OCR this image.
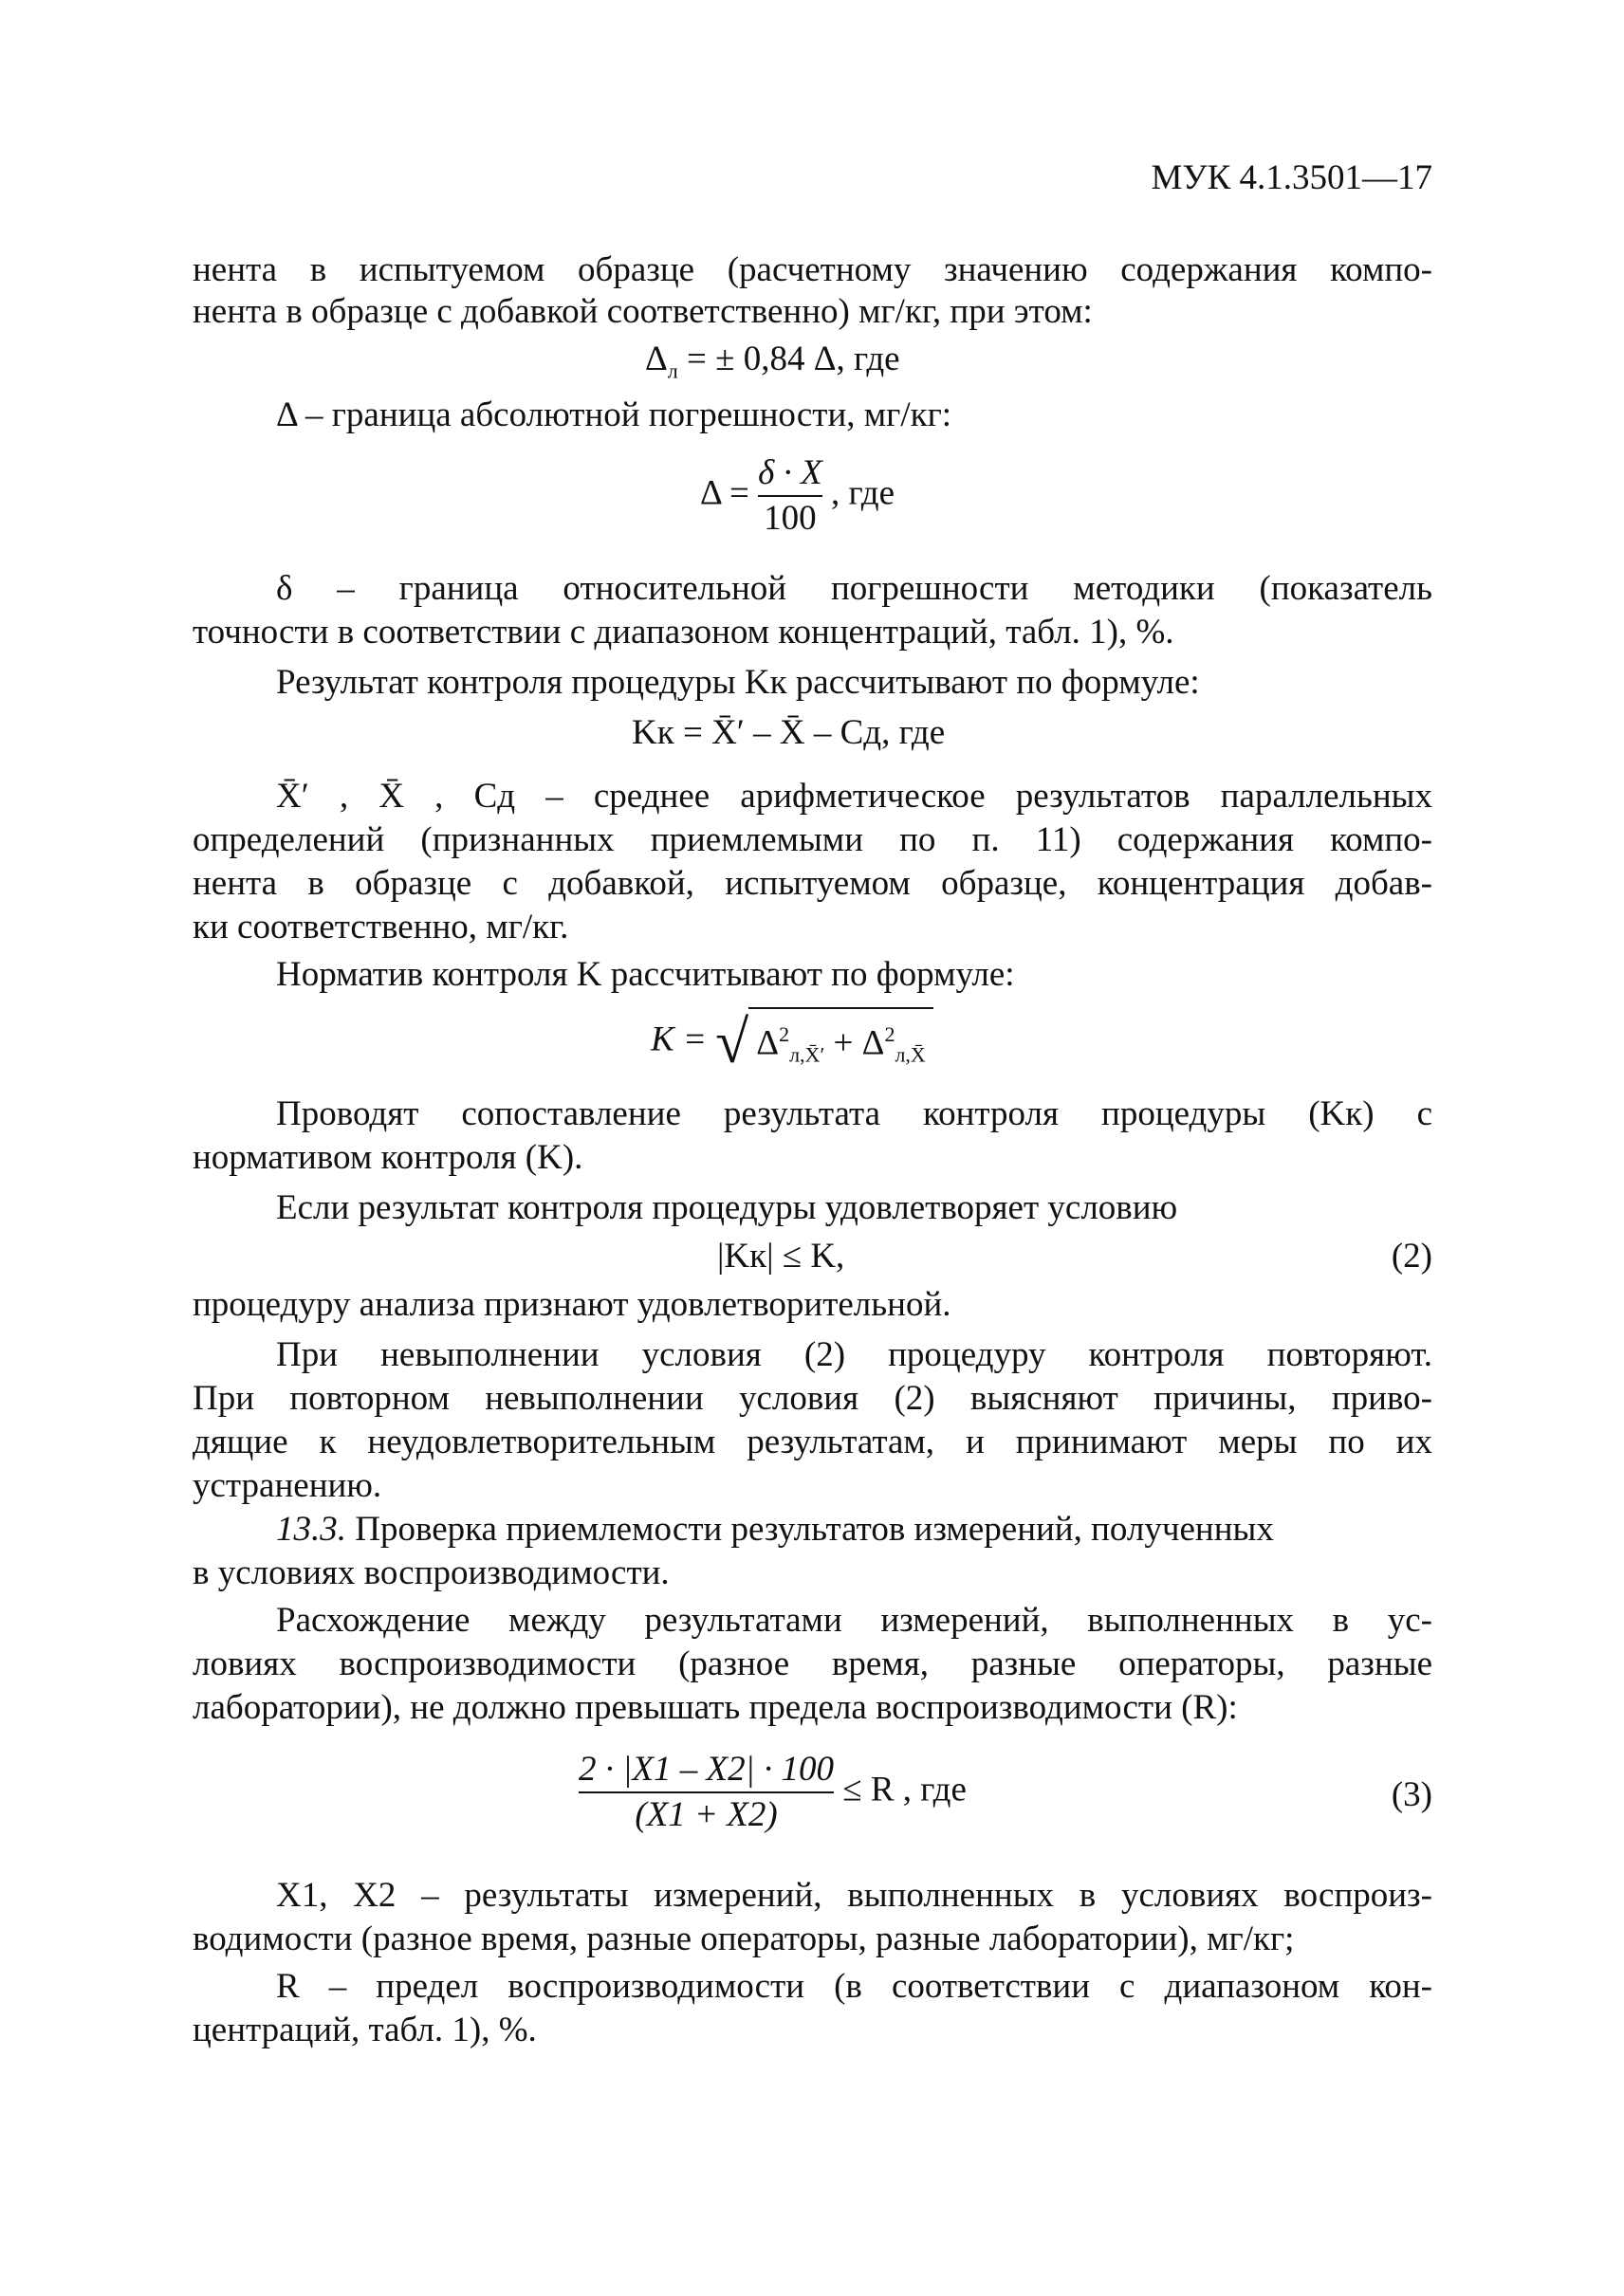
МУК 4.1.3501—17
нента в испытуемом образце (расчетному значению содержания компо-
нента в образце с добавкой соответственно) мг/кг, при этом:
$\Delta_л$ = ± 0,84 Δ, где
Δ – граница абсолютной погрешности, мг/кг:
$\Delta = \frac{\delta \cdot X}{100}$ , где
δ – граница относительной погрешности методики (показатель
точности в соответствии с диапазоном концентраций, табл. 1), %.
Результат контроля процедуры Kк рассчитывают по формуле:
Kк = X̄′ – X̄ – Cд, где
X̄′ , X̄ , Cд – среднее арифметическое результатов параллельных
определений (признанных приемлемыми по п. 11) содержания компо-
нента в образце с добавкой, испытуемом образце, концентрация добав-
ки соответственно, мг/кг.
Норматив контроля K рассчитывают по формуле:
K = √ $\Delta^2_{л,X̄'} + \Delta^2_{л,X̄}$
Проводят сопоставление результата контроля процедуры (Kк) с
нормативом контроля (K).
Если результат контроля процедуры удовлетворяет условию
|Kк| ≤ K,	(2)
процедуру анализа признают удовлетворительной.
При невыполнении условия (2) процедуру контроля повторяют.
При повторном невыполнении условия (2) выясняют причины, приво-
дящие к неудовлетворительным результатам, и принимают меры по их
устранению.
13.3. Проверка приемлемости результатов измерений, полученных
в условиях воспроизводимости.
Расхождение между результатами измерений, выполненных в ус-
ловиях воспроизводимости (разное время, разные операторы, разные
лаборатории), не должно превышать предела воспроизводимости (R):
$\frac{2 \cdot |X1 - X2| \cdot 100}{(X1 + X2)} \le R$ , где	(3)
X1, X2 – результаты измерений, выполненных в условиях воспроиз-
водимости (разное время, разные операторы, разные лаборатории), мг/кг;
R – предел воспроизводимости (в соответствии с диапазоном кон-
центраций, табл. 1), %.
